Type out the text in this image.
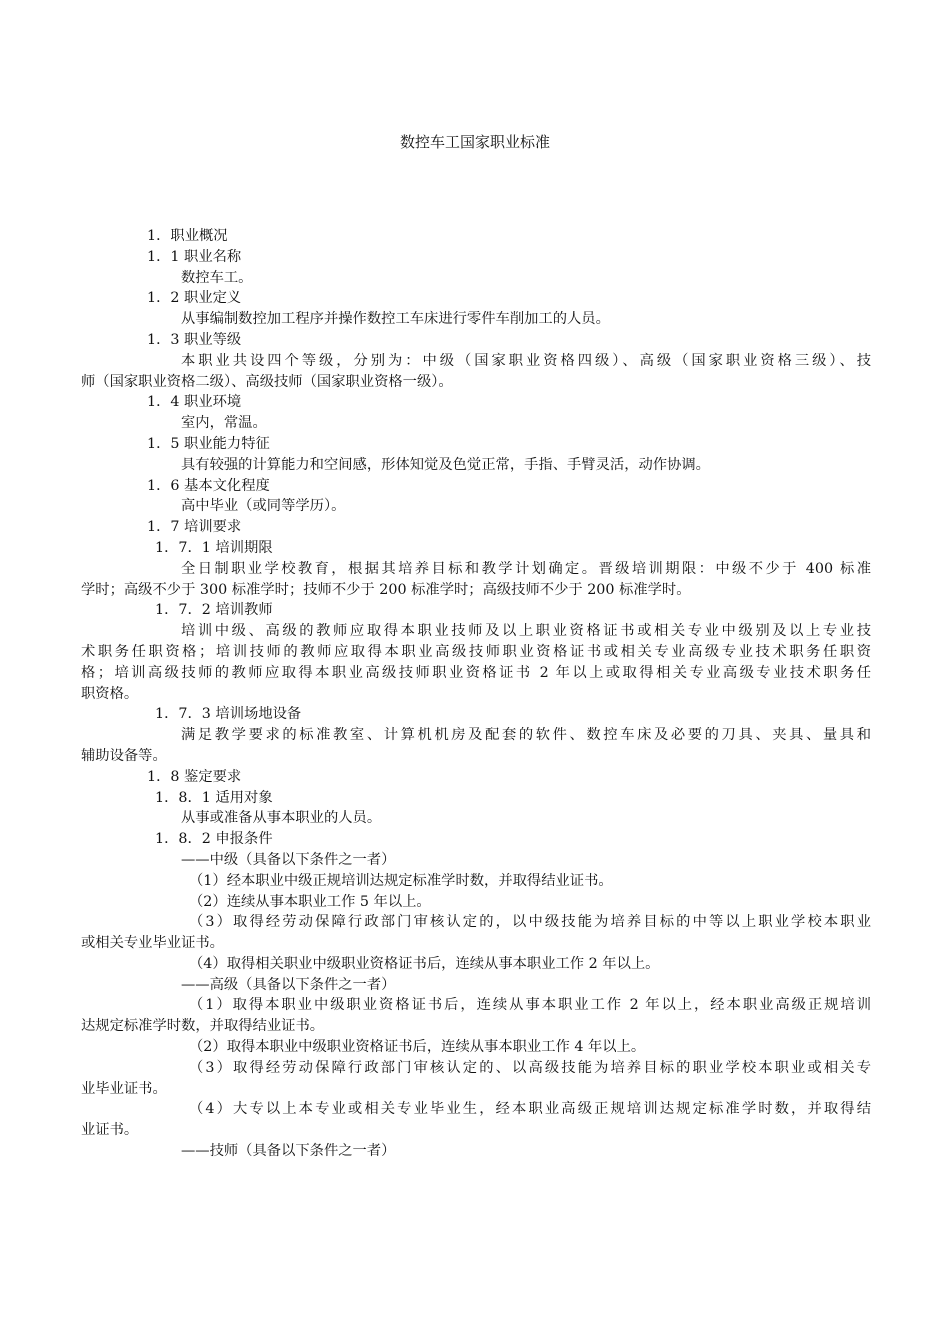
数控车工国家职业标准
1．职业概况
1．1 职业名称
数控车工。
1．2 职业定义
从事编制数控加工程序并操作数控工车床进行零件车削加工的人员。
1．3 职业等级
本职业共设四个等级，分别为：中级（国家职业资格四级）、高级（国家职业资格三级）、技
师（国家职业资格二级）、高级技师（国家职业资格一级）。
1．4 职业环境
室内，常温。
1．5 职业能力特征
具有较强的计算能力和空间感，形体知觉及色觉正常，手指、手臂灵活，动作协调。
1．6 基本文化程度
高中毕业（或同等学历）。
1．7 培训要求
1．7．1 培训期限
全日制职业学校教育，根据其培养目标和教学计划确定。晋级培训期限：中级不少于 400 标准
学时；高级不少于 300 标准学时；技师不少于 200 标准学时；高级技师不少于 200 标准学时。
1．7．2 培训教师
培训中级、高级的教师应取得本职业技师及以上职业资格证书或相关专业中级别及以上专业技
术职务任职资格；培训技师的教师应取得本职业高级技师职业资格证书或相关专业高级专业技术职务任职资
格；培训高级技师的教师应取得本职业高级技师职业资格证书 2 年以上或取得相关专业高级专业技术职务任
职资格。
1．7．3 培训场地设备
满足教学要求的标准教室、计算机机房及配套的软件、数控车床及必要的刀具、夹具、量具和
辅助设备等。
1．8 鉴定要求
1．8．1 适用对象
从事或准备从事本职业的人员。
1．8．2 申报条件
——中级（具备以下条件之一者）
（1）经本职业中级正规培训达规定标准学时数，并取得结业证书。
（2）连续从事本职业工作 5 年以上。
（3）取得经劳动保障行政部门审核认定的，以中级技能为培养目标的中等以上职业学校本职业
或相关专业毕业证书。
（4）取得相关职业中级职业资格证书后，连续从事本职业工作 2 年以上。
——高级（具备以下条件之一者）
（1）取得本职业中级职业资格证书后，连续从事本职业工作 2 年以上，经本职业高级正规培训
达规定标准学时数，并取得结业证书。
（2）取得本职业中级职业资格证书后，连续从事本职业工作 4 年以上。
（3）取得经劳动保障行政部门审核认定的、以高级技能为培养目标的职业学校本职业或相关专
业毕业证书。
（4）大专以上本专业或相关专业毕业生，经本职业高级正规培训达规定标准学时数，并取得结
业证书。
——技师（具备以下条件之一者）
